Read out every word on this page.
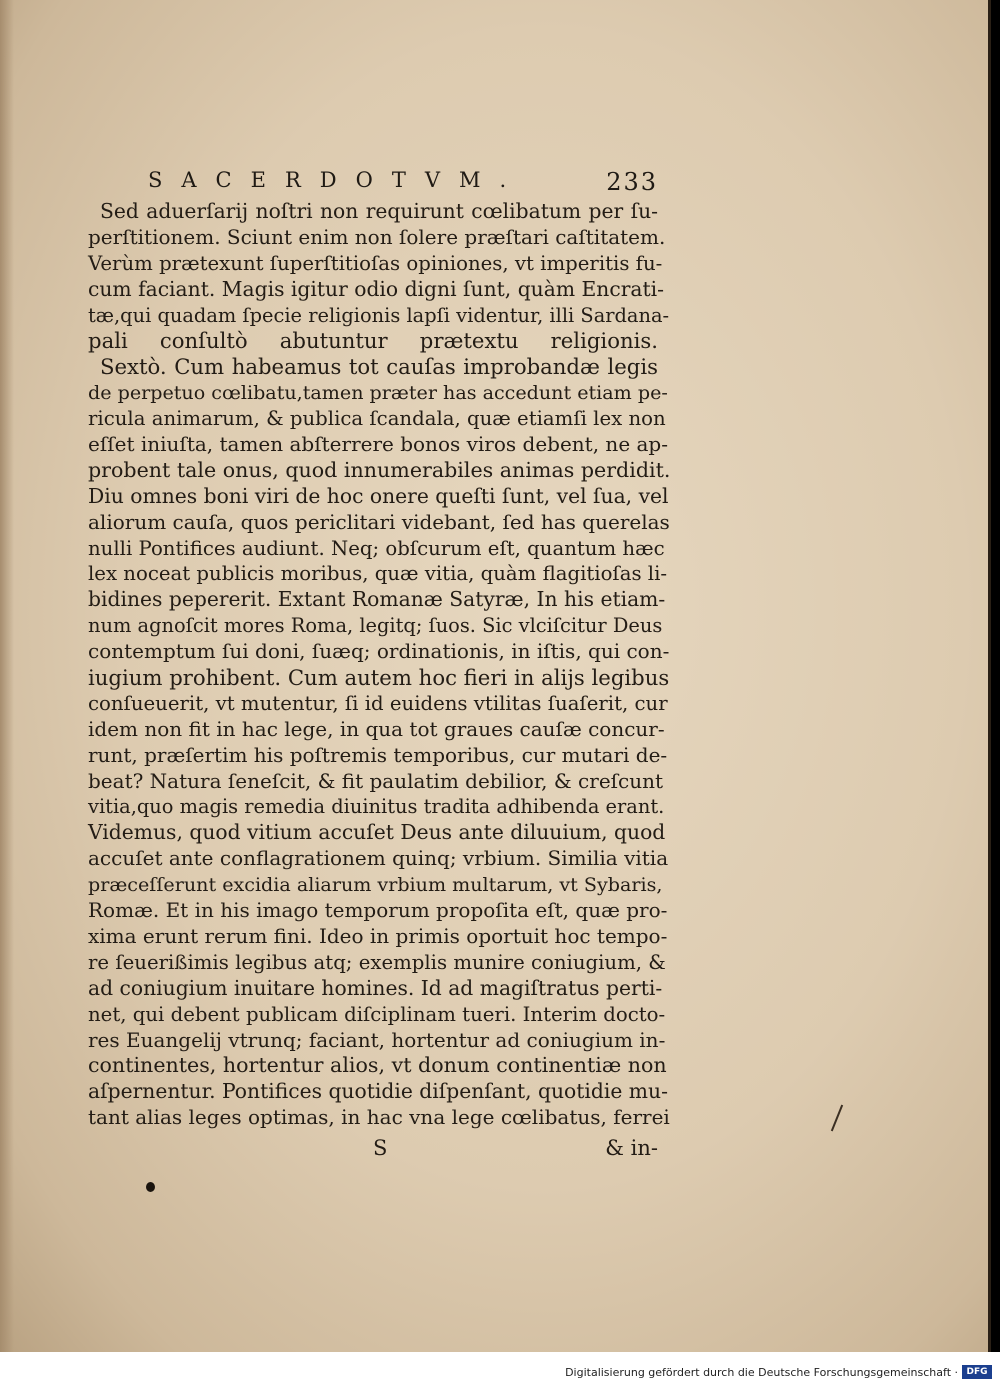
SACERDOTVM.	233
Sed aduerſarij noſtri non requirunt cœlibatum per ſu-
perſtitionem. Sciunt enim non ſolere præſtari caſtitatem.
Verùm prætexunt ſuperſtitioſas opiniones, vt imperitis fu-
cum faciant. Magis igitur odio digni ſunt, quàm Encrati-
tæ,qui quadam ſpecie religionis lapſi videntur, illi Sardana-
pali conſultò abutuntur prætextu religionis.
Sextò. Cum habeamus tot cauſas improbandæ legis
de perpetuo cœlibatu,tamen præter has accedunt etiam pe-
ricula animarum, & publica ſcandala, quæ etiamſi lex non
eſſet iniuſta, tamen abſterrere bonos viros debent, ne ap-
probent tale onus, quod innumerabiles animas perdidit.
Diu omnes boni viri de hoc onere queſti ſunt, vel ſua, vel
aliorum cauſa, quos periclitari videbant, ſed has querelas
nulli Pontifices audiunt. Neq; obſcurum eſt, quantum hæc
lex noceat publicis moribus, quæ vitia, quàm flagitioſas li-
bidines pepererit. Extant Romanæ Satyræ, In his etiam-
num agnoſcit mores Roma, legitq; ſuos. Sic vlciſcitur Deus
contemptum ſui doni, ſuæq; ordinationis, in iſtis, qui con-
iugium prohibent. Cum autem hoc fieri in alijs legibus
conſueuerit, vt mutentur, ſi id euidens vtilitas ſuaſerit, cur
idem non fit in hac lege, in qua tot graues cauſæ concur-
runt, præſertim his poſtremis temporibus, cur mutari de-
beat? Natura ſeneſcit, & fit paulatim debilior, & creſcunt
vitia,quo magis remedia diuinitus tradita adhibenda erant.
Videmus, quod vitium accuſet Deus ante diluuium, quod
accuſet ante conflagrationem quinq; vrbium. Similia vitia
præceſſerunt excidia aliarum vrbium multarum, vt Sybaris,
Romæ. Et in his imago temporum propoſita eſt, quæ pro-
xima erunt rerum fini. Ideo in primis oportuit hoc tempo-
re ſeuerißimis legibus atq; exemplis munire coniugium, &
ad coniugium inuitare homines. Id ad magiſtratus perti-
net, qui debent publicam diſciplinam tueri. Interim docto-
res Euangelij vtrunq; faciant, hortentur ad coniugium in-
continentes, hortentur alios, vt donum continentiæ non
aſpernentur. Pontifices quotidie diſpenſant, quotidie mu-
tant alias leges optimas, in hac vna lege cœlibatus, ferrei
S	& in-
Digitalisierung gefördert durch die Deutsche Forschungsgemeinschaft · DFG
